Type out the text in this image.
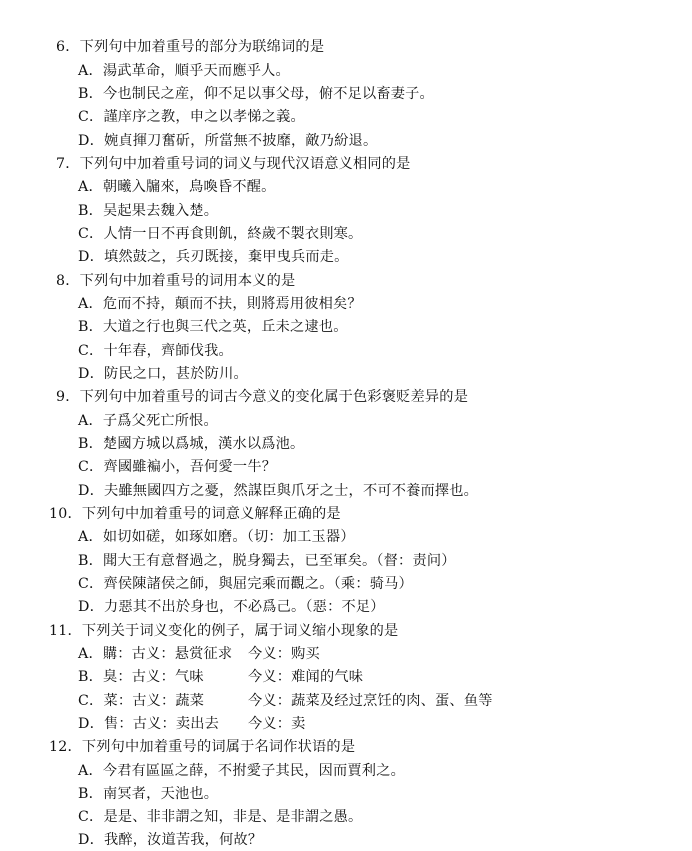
6．下列句中加着重号的部分为联绵词的是
A．湯武革命，順乎天而應乎人。
B．今也制民之産，仰不足以事父母，俯不足以畜妻子。
C．謹庠序之教，申之以孝悌之義。
D．婉貞揮刀奮斫，所當無不披靡，敵乃紛退。
7．下列句中加着重号词的词义与现代汉语意义相同的是
A．朝曦入牖來，鳥喚昏不醒。
B．吴起果去魏入楚。
C．人情一日不再食則飢，終歲不製衣則寒。
D．填然鼓之，兵刃既接，棄甲曳兵而走。
8．下列句中加着重号的词用本义的是
A．危而不持，顛而不扶，則將焉用彼相矣？
B．大道之行也與三代之英，丘未之逮也。
C．十年春，齊師伐我。
D．防民之口，甚於防川。
9．下列句中加着重号的词古今意义的变化属于色彩褒贬差异的是
A．子爲父死亡所恨。
B．楚國方城以爲城，漢水以爲池。
C．齊國雖褊小，吾何愛一牛？
D．夫雖無國四方之憂，然謀臣與爪牙之士，不可不養而擇也。
10．下列句中加着重号的词意义解释正确的是
A．如切如磋，如琢如磨。（切：加工玉器）
B．聞大王有意督過之，脱身獨去，已至軍矣。（督：责问）
C．齊侯陳諸侯之師，與屈完乘而觀之。（乘：骑马）
D．力惡其不出於身也，不必爲己。（惡：不足）
11．下列关于词义变化的例子，属于词义缩小现象的是
A．購：古义：悬赏征求 今义：购买
B．臭：古义：气味	今义：难闻的气味
C．菜：古义：蔬菜	今义：蔬菜及经过烹饪的肉、蛋、鱼等
D．售：古义：卖出去 今义：卖
12．下列句中加着重号的词属于名词作状语的是
A．今君有區區之薛，不拊愛子其民，因而賈利之。
B．南冥者，天池也。
C．是是、非非謂之知，非是、是非謂之愚。
D．我醉，汝道苦我，何故？
